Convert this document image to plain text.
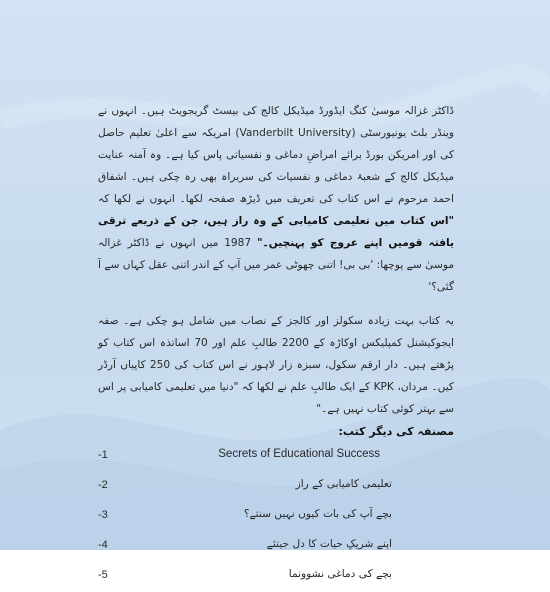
ڈاکٹر غزالہ موسیٰ کنگ ایڈورڈ میڈیکل کالج کی بیسٹ گریجویٹ ہیں۔ انہوں نے وینڈر بلٹ یونیورسٹی (Vanderbilt University) امریکہ سے اعلیٰ تعلیم حاصل کی اور امریکن بورڈ برائے امراضِ دماغی و نفسیاتی پاس کیا ہے۔ وہ آمنہ عنایت میڈیکل کالج کے شعبۂ دماغی و نفسیات کی سربراہ بھی رہ چکی ہیں۔ اشفاق احمد مرحوم نے اس کتاب کی تعریف میں ڈیڑھ صفحہ لکھا۔ انہوں نے لکھا کہ "اس کتاب میں تعلیمی کامیابی کے وہ راز ہیں، جن کے ذریعے ترقی یافتہ قومیں اپنے عروج کو پہنچیں۔" 1987 میں انہوں نے ڈاکٹر غزالہ موسیٰ سے پوچھا: 'بی بی! اتنی چھوٹی عمر میں آپ کے اندر اتنی عقل کہاں سے آ گئی؟'

یہ کتاب بہت زیادہ سکولز اور کالجز کے نصاب میں شامل ہو چکی ہے۔ صفہ ایجوکیشنل کمپلیکس اوکاڑہ کے 2200 طالبِ علم اور 70 اساتذہ اس کتاب کو پڑھتے ہیں۔ دار ارقم سکول، سبزہ زار لاہور نے اس کتاب کی 250 کاپیاں آرڈر کیں۔ مردان، KPK کے ایک طالبِ علم نے لکھا کہ "دنیا میں تعلیمی کامیابی پر اس سے بہتر کوئی کتاب نہیں ہے۔"

مصنفہ کی دیگر کتب:
Secrets of Educational Success
-1
تعلیمی کامیابی کے راز
-2
بچے آپ کی بات کیوں نہیں سنتے؟
-3
اپنے شریکِ حیات کا دل جیتئے
-4
بچے کی دماغی نشوونما
-5
